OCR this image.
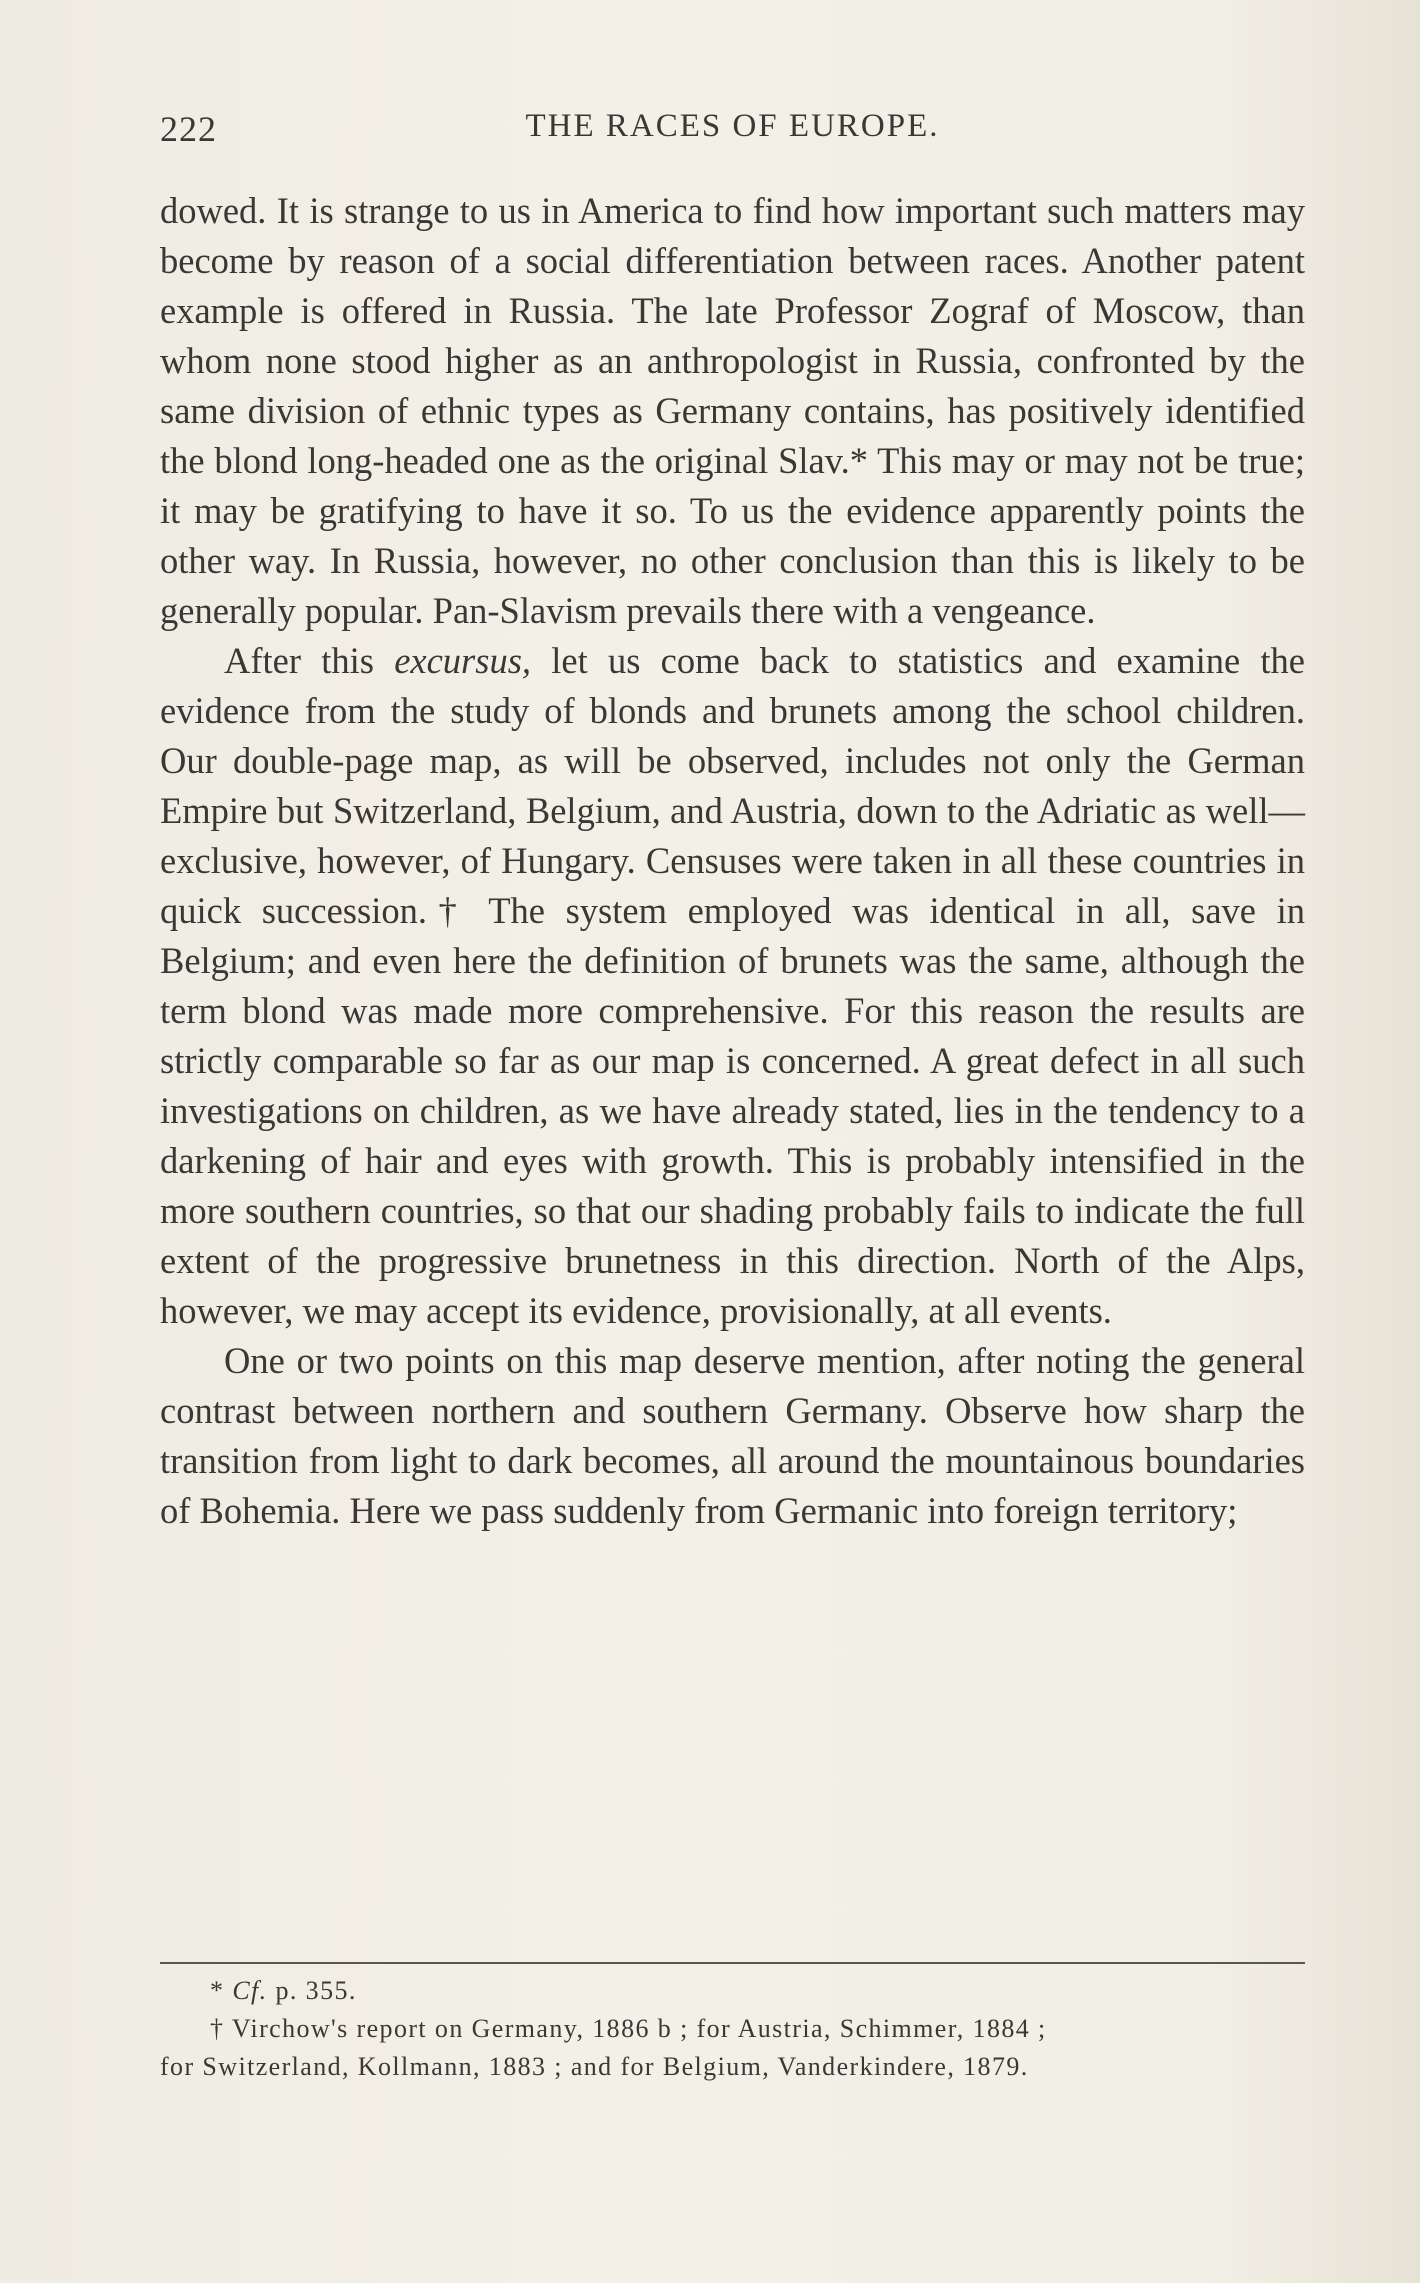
222	THE RACES OF EUROPE.

dowed. It is strange to us in America to find how important such matters may become by reason of a social differentiation between races. Another patent example is offered in Russia. The late Professor Zograf of Moscow, than whom none stood higher as an anthropologist in Russia, confronted by the same division of ethnic types as Germany contains, has positively identified the blond long-headed one as the original Slav.* This may or may not be true; it may be gratifying to have it so. To us the evidence apparently points the other way. In Russia, however, no other conclusion than this is likely to be generally popular. Pan-Slavism prevails there with a vengeance.

After this excursus, let us come back to statistics and examine the evidence from the study of blonds and brunets among the school children. Our double-page map, as will be observed, includes not only the German Empire but Switzerland, Belgium, and Austria, down to the Adriatic as well—exclusive, however, of Hungary. Censuses were taken in all these countries in quick succession.† The system employed was identical in all, save in Belgium; and even here the definition of brunets was the same, although the term blond was made more comprehensive. For this reason the results are strictly comparable so far as our map is concerned. A great defect in all such investigations on children, as we have already stated, lies in the tendency to a darkening of hair and eyes with growth. This is probably intensified in the more southern countries, so that our shading probably fails to indicate the full extent of the progressive brunetness in this direction. North of the Alps, however, we may accept its evidence, provisionally, at all events.

One or two points on this map deserve mention, after noting the general contrast between northern and southern Germany. Observe how sharp the transition from light to dark becomes, all around the mountainous boundaries of Bohemia. Here we pass suddenly from Germanic into foreign territory;

* Cf. p. 355.

† Virchow's report on Germany, 1886 b ; for Austria, Schimmer, 1884 ;
for Switzerland, Kollmann, 1883 ; and for Belgium, Vanderkindere, 1879.
